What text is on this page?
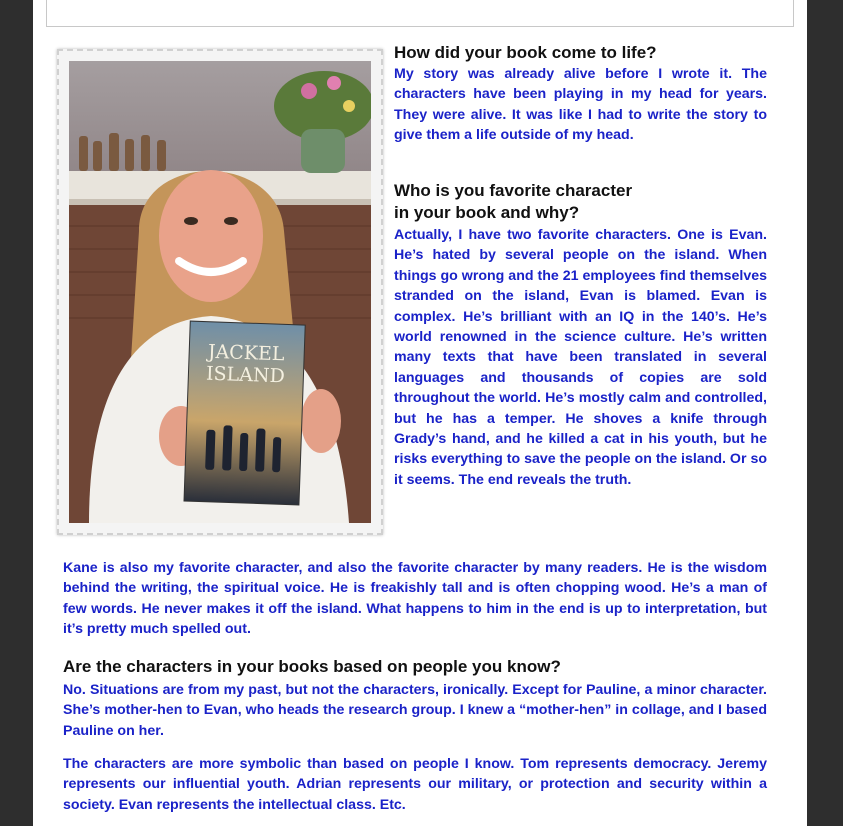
JACKEL
ISLAND
How did your book come to life?
My story was already alive before I wrote it. The characters have been playing in my head for years. They were alive. It was like I had to write the story to give them a life outside of my head.
Who is you favorite character
in your book and why?
Actually, I have two favorite characters. One is Evan. He’s hated by several people on the island. When things go wrong and the 21 employees find themselves stranded on the island, Evan is blamed. Evan is complex. He’s brilliant with an IQ in the 140’s. He’s world renowned in the science culture. He’s written many texts that have been translated in several languages and thousands of copies are sold throughout the world. He’s mostly calm and controlled, but he has a temper. He shoves a knife through Grady’s hand, and he killed a cat in his youth, but he risks everything to save the people on the island. Or so it seems. The end reveals the truth.
Kane is also my favorite character, and also the favorite character by many readers. He is the wisdom behind the writing, the spiritual voice. He is freakishly tall and is often chopping wood. He’s a man of few words. He never makes it off the island. What happens to him in the end is up to interpretation, but it’s pretty much spelled out.
Are the characters in your books based on people you know?
No. Situations are from my past, but not the characters, ironically. Except for Pauline, a minor character. She’s mother-hen to Evan, who heads the research group. I knew a “mother-hen” in collage, and I based Pauline on her.
The characters are more symbolic than based on people I know. Tom represents democracy. Jeremy represents our influential youth. Adrian represents our military, or protection and security within a society. Evan represents the intellectual class. Etc.
